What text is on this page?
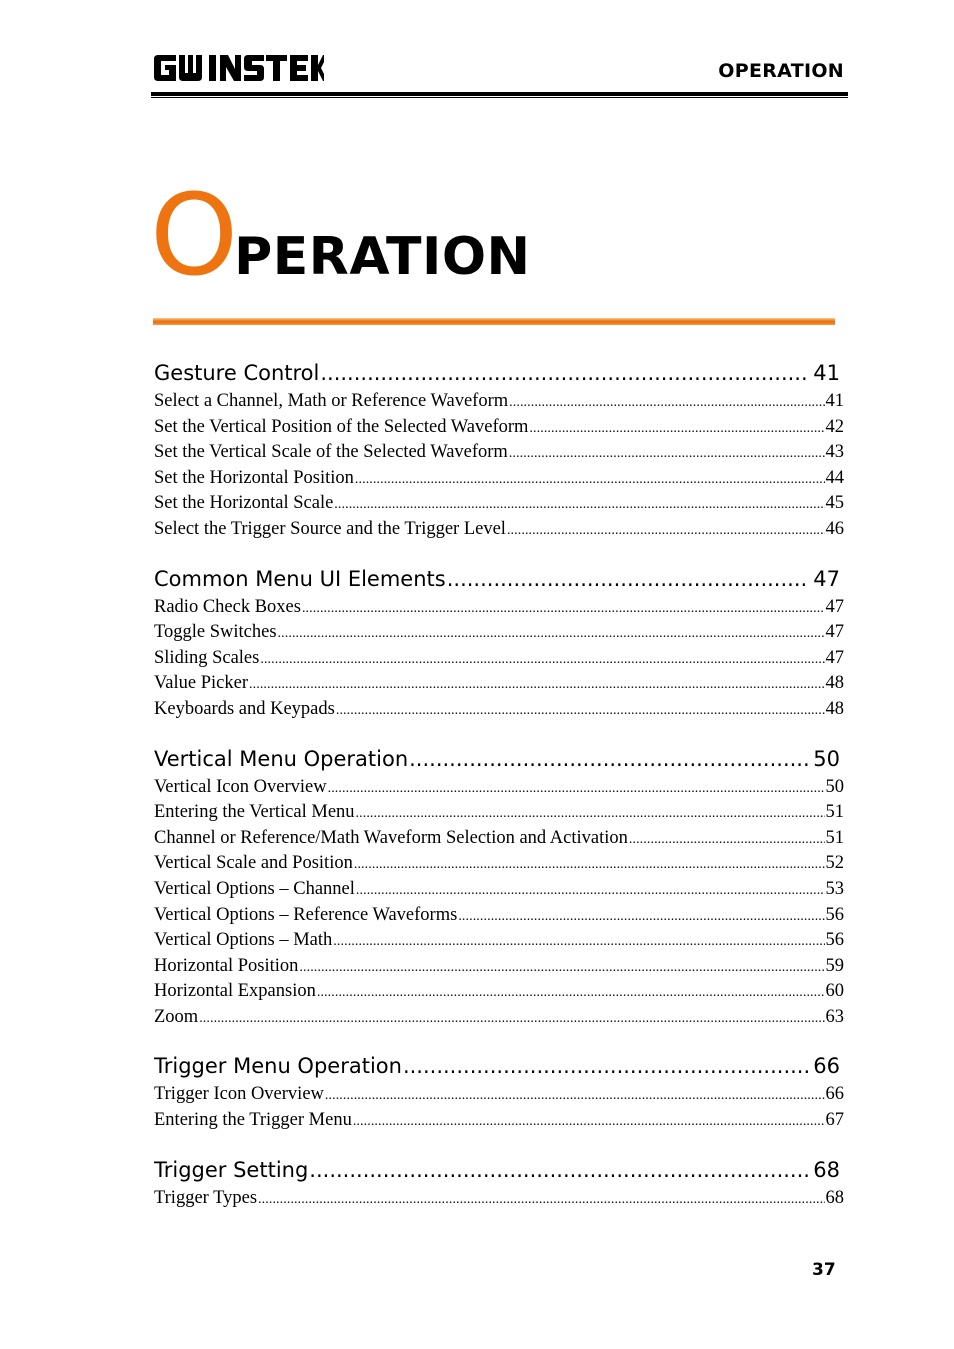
OPERATION
OPERATION
Gesture Control .....	41
Select a Channel, Math or Reference Waveform .....	41
Set the Vertical Position of the Selected Waveform .....	42
Set the Vertical Scale of the Selected Waveform .....	43
Set the Horizontal Position .....	44
Set the Horizontal Scale .....	45
Select the Trigger Source and the Trigger Level .....	46
Common Menu UI Elements .....	47
Radio Check Boxes .....	47
Toggle Switches .....	47
Sliding Scales .....	47
Value Picker .....	48
Keyboards and Keypads .....	48
Vertical Menu Operation .....	50
Vertical Icon Overview .....	50
Entering the Vertical Menu .....	51
Channel or Reference/Math Waveform Selection and Activation .....	51
Vertical Scale and Position .....	52
Vertical Options – Channel .....	53
Vertical Options – Reference Waveforms .....	56
Vertical Options – Math .....	56
Horizontal Position .....	59
Horizontal Expansion .....	60
Zoom .....	63
Trigger Menu Operation .....	66
Trigger Icon Overview .....	66
Entering the Trigger Menu .....	67
Trigger Setting .....	68
Trigger Types .....	68
37
